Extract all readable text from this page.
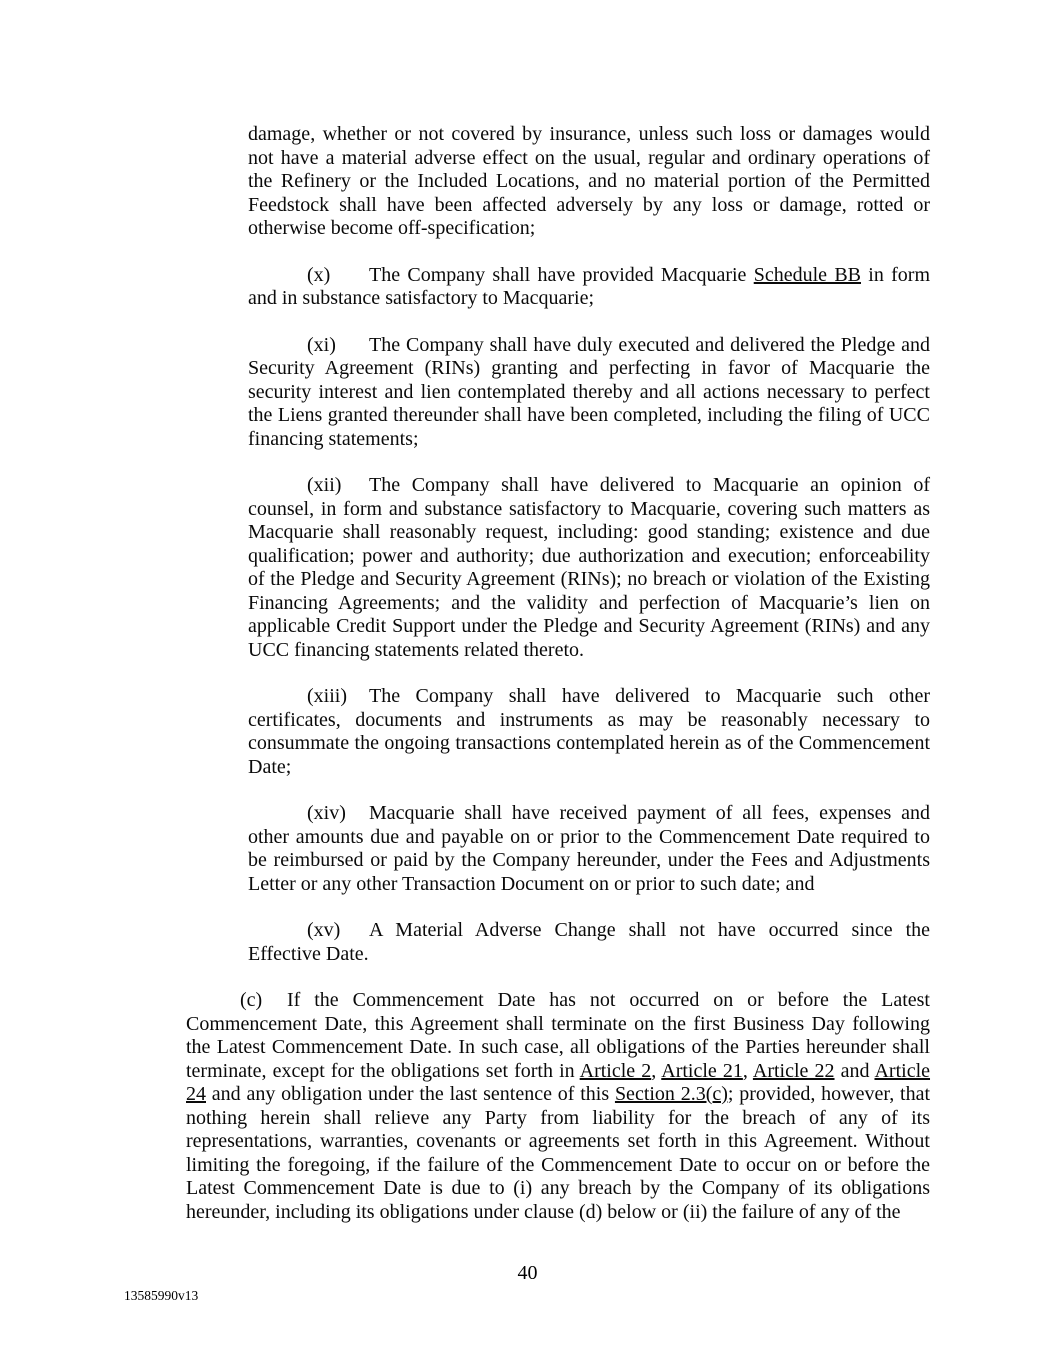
damage, whether or not covered by insurance, unless such loss or damages would not have a material adverse effect on the usual, regular and ordinary operations of the Refinery or the Included Locations, and no material portion of the Permitted Feedstock shall have been affected adversely by any loss or damage, rotted or otherwise become off-specification;

(x) The Company shall have provided Macquarie Schedule BB in form and in substance satisfactory to Macquarie;

(xi) The Company shall have duly executed and delivered the Pledge and Security Agreement (RINs) granting and perfecting in favor of Macquarie the security interest and lien contemplated thereby and all actions necessary to perfect the Liens granted thereunder shall have been completed, including the filing of UCC financing statements;

(xii) The Company shall have delivered to Macquarie an opinion of counsel, in form and substance satisfactory to Macquarie, covering such matters as Macquarie shall reasonably request, including: good standing; existence and due qualification; power and authority; due authorization and execution; enforceability of the Pledge and Security Agreement (RINs); no breach or violation of the Existing Financing Agreements; and the validity and perfection of Macquarie’s lien on applicable Credit Support under the Pledge and Security Agreement (RINs) and any UCC financing statements related thereto.

(xiii) The Company shall have delivered to Macquarie such other certificates, documents and instruments as may be reasonably necessary to consummate the ongoing transactions contemplated herein as of the Commencement Date;

(xiv) Macquarie shall have received payment of all fees, expenses and other amounts due and payable on or prior to the Commencement Date required to be reimbursed or paid by the Company hereunder, under the Fees and Adjustments Letter or any other Transaction Document on or prior to such date; and

(xv) A Material Adverse Change shall not have occurred since the Effective Date.

(c) If the Commencement Date has not occurred on or before the Latest Commencement Date, this Agreement shall terminate on the first Business Day following the Latest Commencement Date. In such case, all obligations of the Parties hereunder shall terminate, except for the obligations set forth in Article 2, Article 21, Article 22 and Article 24 and any obligation under the last sentence of this Section 2.3(c); provided, however, that nothing herein shall relieve any Party from liability for the breach of any of its representations, warranties, covenants or agreements set forth in this Agreement. Without limiting the foregoing, if the failure of the Commencement Date to occur on or before the Latest Commencement Date is due to (i) any breach by the Company of its obligations hereunder, including its obligations under clause (d) below or (ii) the failure of any of the

40
13585990v13
